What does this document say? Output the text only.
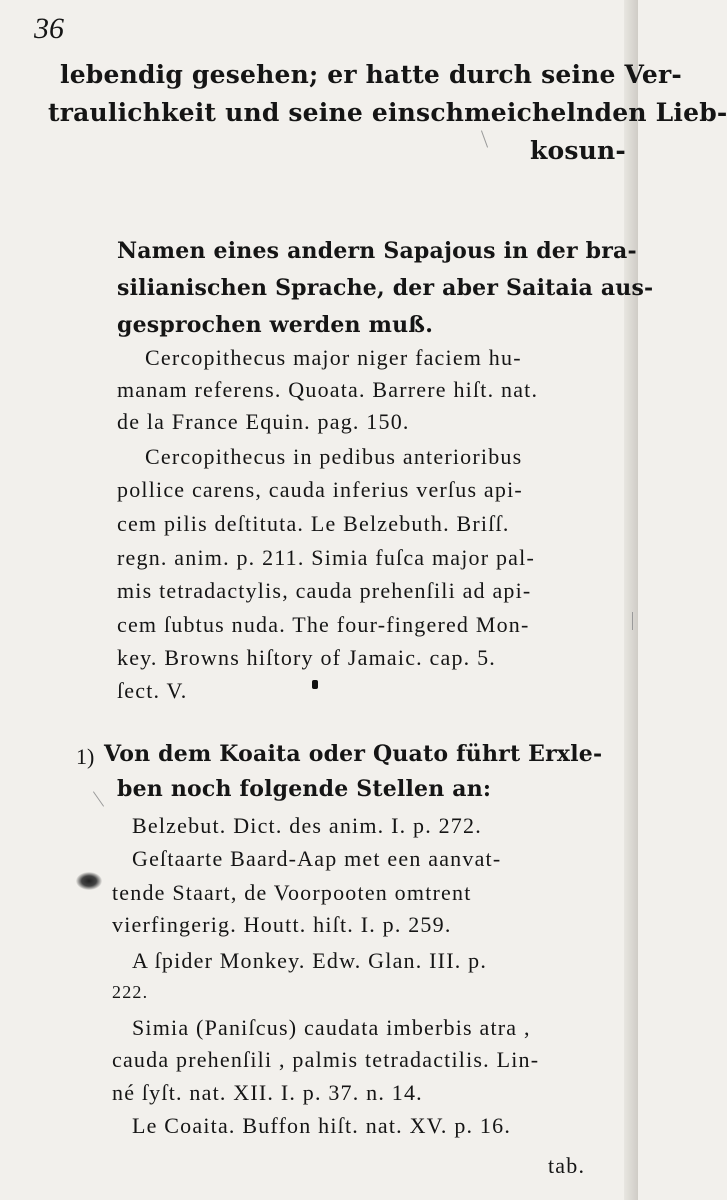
36
lebendig gesehen; er hatte durch seine Ver-
traulichkeit und seine einschmeichelnden Lieb-
kosun-
Namen eines andern Sapajous in der bra-
silianischen Sprache, der aber Saitaia aus-
gesprochen werden muß.
Cercopithecus major niger faciem hu-
manam referens. Quoata. Barrere hiſt. nat.
de la France Equin. pag. 150.
Cercopithecus in pedibus anterioribus
pollice carens, cauda inferius verſus api-
cem pilis deſtituta. Le Belzebuth. Briſſ.
regn. anim. p. 211. Simia fuſca major pal-
mis tetradactylis, cauda prehenſili ad api-
cem ſubtus nuda. The four-fingered Mon-
key. Browns hiſtory of Jamaic. cap. 5.
ſect. V.
1) Von dem Koaita oder Quato führt Erxle-
ben noch folgende Stellen an:
Belzebut. Dict. des anim. I. p. 272.
Geſtaarte Baard-Aap met een aanvat-
tende Staart, de Voorpooten omtrent
vierfingerig. Houtt. hiſt. I. p. 259.
A ſpider Monkey. Edw. Glan. III. p.
222.
Simia (Paniſcus) caudata imberbis atra ,
cauda prehenſili , palmis tetradactilis. Lin-
né ſyſt. nat. XII. I. p. 37. n. 14.
Le Coaita. Buffon hiſt. nat. XV. p. 16.
tab.
